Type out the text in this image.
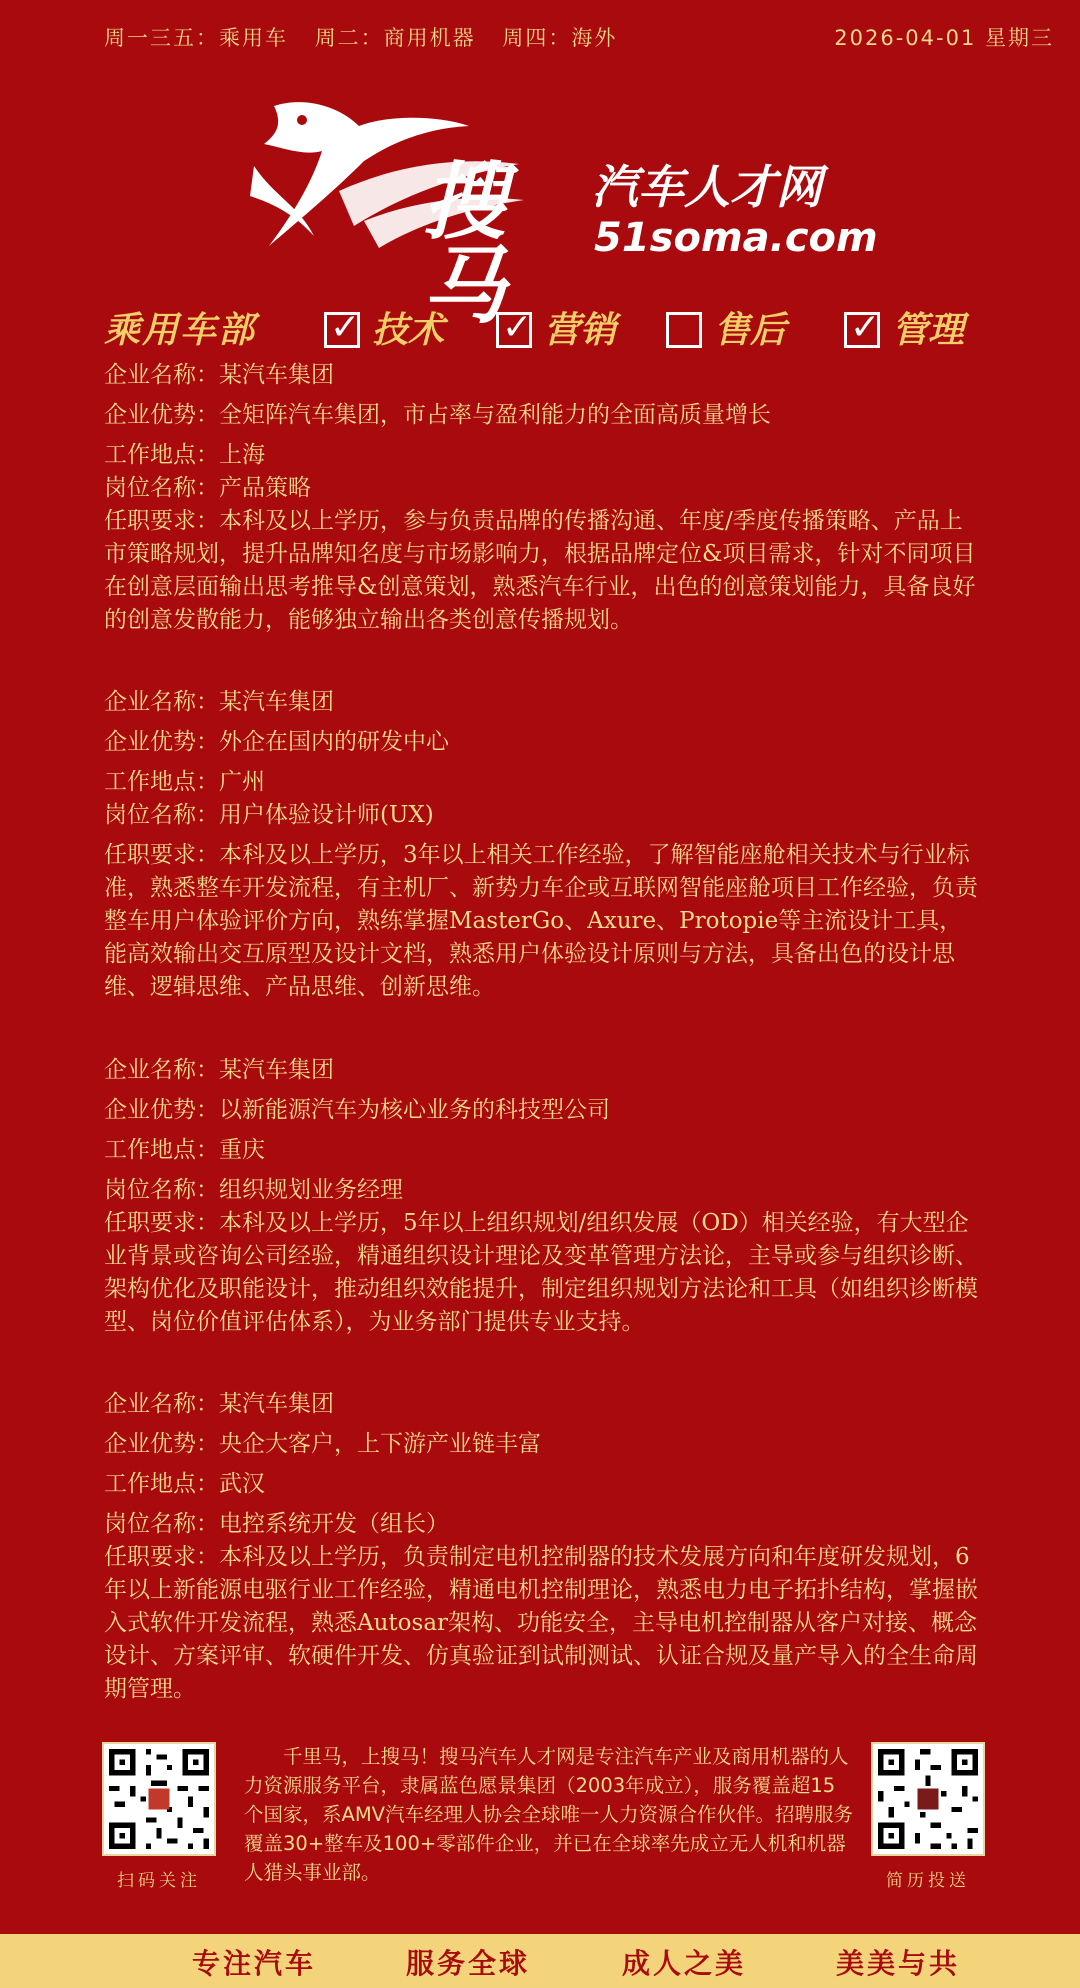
周一三五：乘用车 周二：商用机器 周四：海外	2026-04-01 星期三
搜马
汽车人才网
51soma.com
乘用车部 ✓ 技术 ✓ 营销	售后 ✓ 管理
企业名称：某汽车集团
企业优势：全矩阵汽车集团，市占率与盈利能力的全面高质量增长
工作地点：上海
岗位名称：产品策略
任职要求：本科及以上学历，参与负责品牌的传播沟通、年度/季度传播策略、产品上市策略规划，提升品牌知名度与市场影响力，根据品牌定位&项目需求，针对不同项目在创意层面输出思考推导&创意策划，熟悉汽车行业，出色的创意策划能力，具备良好的创意发散能力，能够独立输出各类创意传播规划。
企业名称：某汽车集团
企业优势：外企在国内的研发中心
工作地点：广州
岗位名称：用户体验设计师(UX)
任职要求：本科及以上学历，3年以上相关工作经验，了解智能座舱相关技术与行业标准，熟悉整车开发流程，有主机厂、新势力车企或互联网智能座舱项目工作经验，负责整车用户体验评价方向，熟练掌握MasterGo、Axure、Protopie等主流设计工具，能高效输出交互原型及设计文档，熟悉用户体验设计原则与方法，具备出色的设计思维、逻辑思维、产品思维、创新思维。
企业名称：某汽车集团
企业优势：以新能源汽车为核心业务的科技型公司
工作地点：重庆
岗位名称：组织规划业务经理
任职要求：本科及以上学历，5年以上组织规划/组织发展（OD）相关经验，有大型企业背景或咨询公司经验，精通组织设计理论及变革管理方法论，主导或参与组织诊断、架构优化及职能设计，推动组织效能提升，制定组织规划方法论和工具（如组织诊断模型、岗位价值评估体系），为业务部门提供专业支持。
企业名称：某汽车集团
企业优势：央企大客户，上下游产业链丰富
工作地点：武汉
岗位名称：电控系统开发（组长）
任职要求：本科及以上学历，负责制定电机控制器的技术发展方向和年度研发规划，6年以上新能源电驱行业工作经验，精通电机控制理论，熟悉电力电子拓扑结构，掌握嵌入式软件开发流程，熟悉Autosar架构、功能安全，主导电机控制器从客户对接、概念设计、方案评审、软硬件开发、仿真验证到试制测试、认证合规及量产导入的全生命周期管理。
扫码关注
千里马，上搜马！搜马汽车人才网是专注汽车产业及商用机器的人力资源服务平台，隶属蓝色愿景集团（2003年成立），服务覆盖超15个国家，系AMV汽车经理人协会全球唯一人力资源合作伙伴。招聘服务覆盖30+整车及100+零部件企业，并已在全球率先成立无人机和机器人猎头事业部。	简历投送
专注汽车	服务全球	成人之美	美美与共
